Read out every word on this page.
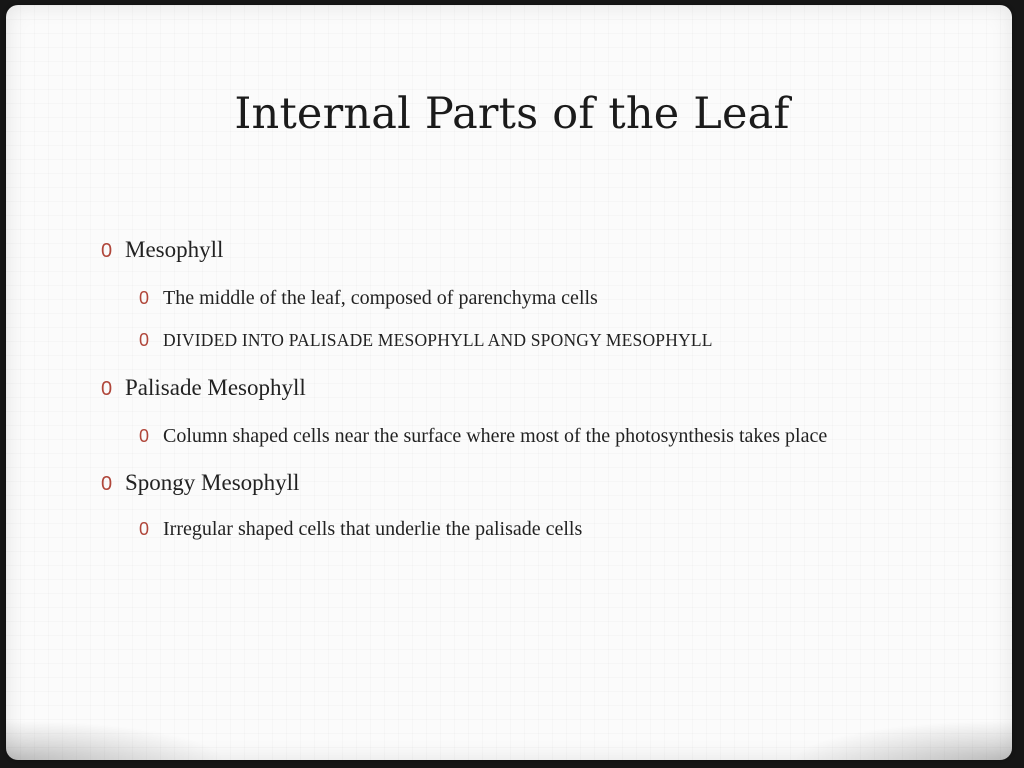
Internal Parts of the Leaf
0 Mesophyll
0 The middle of the leaf, composed of parenchyma cells
0 DIVIDED INTO PALISADE MESOPHYLL AND SPONGY MESOPHYLL
0 Palisade Mesophyll
0 Column shaped cells near the surface where most of the photosynthesis takes place
0 Spongy Mesophyll
0 Irregular shaped cells that underlie the palisade cells
